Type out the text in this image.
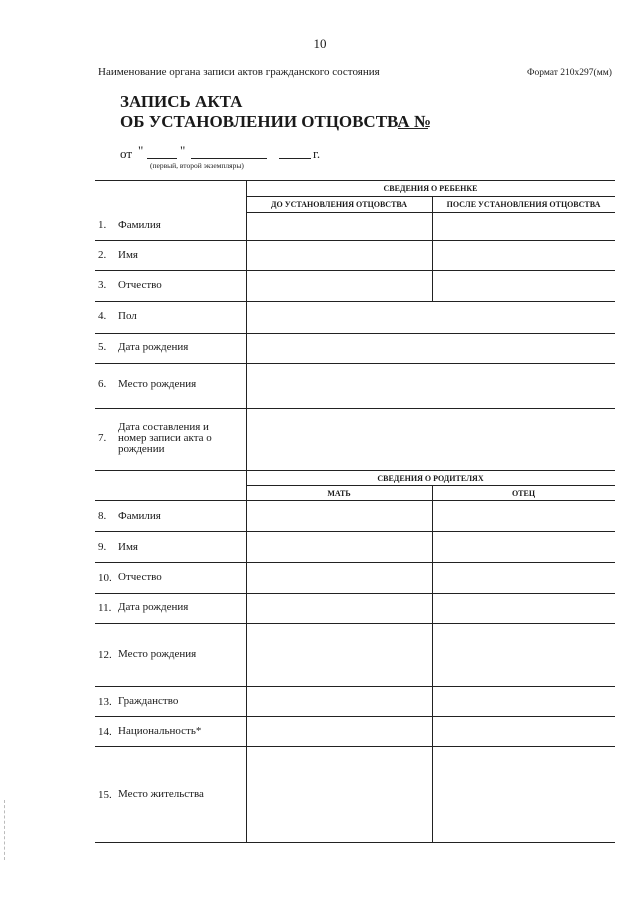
10
Наименование органа записи актов гражданского состояния	Формат 210х297(мм)
ЗАПИСЬ АКТА
ОБ УСТАНОВЛЕНИИ ОТЦОВСТВА №
от "	"	г.
(первый, второй экземпляры)
СВЕДЕНИЯ О РЕБЕНКЕ
ДО УСТАНОВЛЕНИЯ ОТЦОВСТВА	ПОСЛЕ УСТАНОВЛЕНИЯ ОТЦОВСТВА
1. Фамилия
2. Имя
3. Отчество
4. Пол
5. Дата рождения
6. Место рождения
7.
Дата составления и
номер записи акта о
рождении
СВЕДЕНИЯ О РОДИТЕЛЯХ
МАТЬ	ОТЕЦ
8. Фамилия
9. Имя
10. Отчество
11. Дата рождения
12. Место рождения
13. Гражданство
14. Национальность*
15. Место жительства
